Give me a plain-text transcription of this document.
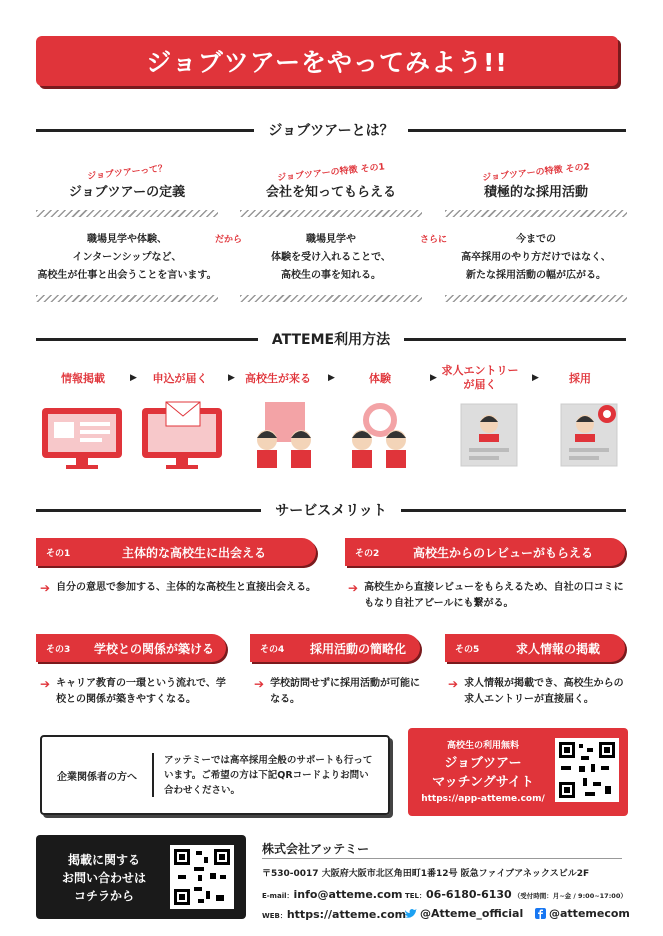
ジョブツアーをやってみよう!!
ジョブツアーとは？
ジョブツアーって？
ジョブツアーの定義
職場見学や体験、
インターンシップなど、
高校生が仕事と出会うことを言います。
だから
ジョブツアーの特徴 その1
会社を知ってもらえる
職場見学や
体験を受け入れることで、
高校生の事を知れる。
さらに
ジョブツアーの特徴 その2
積極的な採用活動
今までの
高卒採用のやり方だけではなく、
新たな採用活動の幅が広がる。
ATTEME利用方法
情報掲載	▶	申込が届く	▶ 高校生が来る	▶	体験	▶
求人エントリー
が届く	▶	採用
サービスメリット
その1	主体的な高校生に出会える
➔ 自分の意思で参加する、主体的な高校生と直接出会える。
その2	高校生からのレビューがもらえる
➔ 高校生から直接レビューをもらえるため、自社の口コミにもなり自社アピールにも繋がる。
その3	学校との関係が築ける
➔ キャリア教育の一環という流れで、学校との関係が築きやすくなる。
その4	採用活動の簡略化
➔ 学校訪問せずに採用活動が可能になる。
その5	求人情報の掲載
➔ 求人情報が掲載でき、高校生からの求人エントリーが直接届く。
企業関係者の方へ
アッテミーでは高卒採用全般のサポートも行っています。ご希望の方は下記QRコードよりお問い合わせください。
高校生の利用無料
ジョブツアー
マッチングサイト
https://app-atteme.com/
掲載に関する
お問い合わせは
コチラから
株式会社アッテミー
〒530-0017 大阪府大阪市北区角田町1番12号 阪急ファイブアネックスビル2F
E-mail： info@atteme.com TEL： 06-6180-6130 （受付時間：月~金 / 9:00~17:00）
WEB： https://atteme.com @Atteme_official @attemecom
